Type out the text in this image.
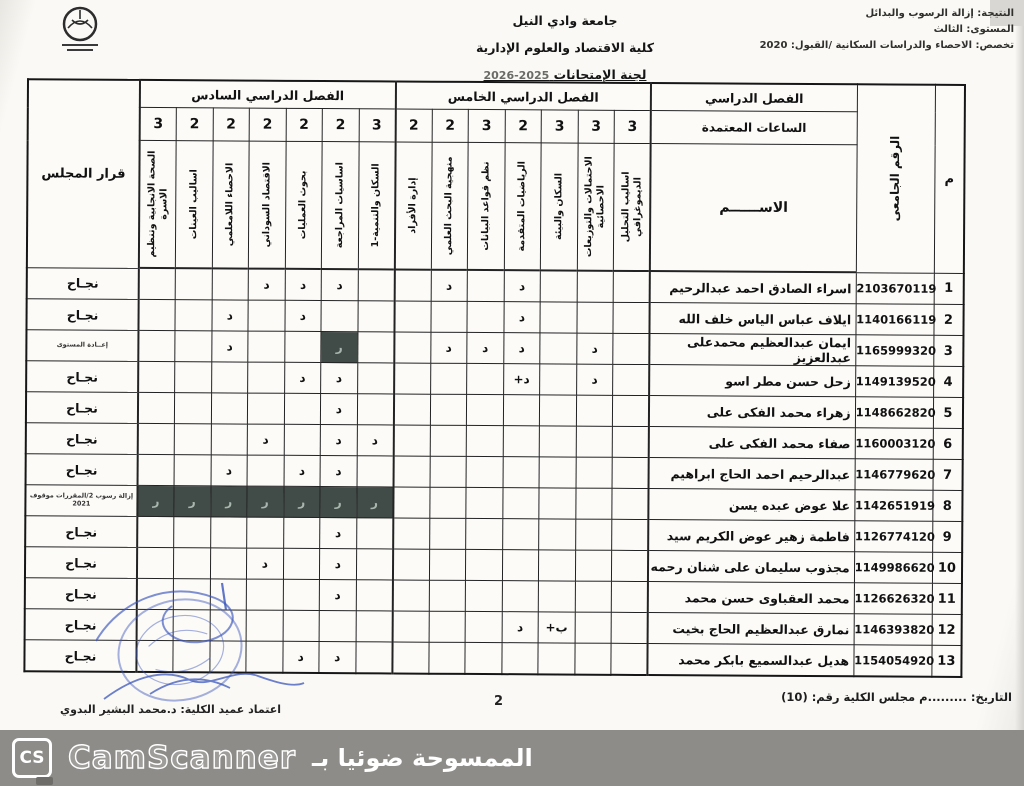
جامعة وادي النيل
كلية الاقتصاد والعلوم الإدارية
لجنة الإمتحانات 2026-2025
النتيجة: إزالة الرسوب والبدائل
المستوى: الثالث
تخصص: الاحصاء والدراسات السكانية /القبول: 2020
م	الرقم الجامعى	الفصل الدراسي	الفصل الدراسي الخامس							الفصل الدراسي السادس							قرار المجلس
		الساعات المعتمدة	3	3	3	2	3	2	2	3	2	2	2	2	2	3	
		الاســــــم	اساليب التحليل الديموغرافي	الاحتمالات والتوزيعات الاحصائية	السكان والبيئة	الرياضيات المتقدمة	نظم قواعد البيانات	منهجية البحث العلمي	إدارة الأفراد	السكان والتنمية-1	اساسيات المراجعة	بحوث العمليات	الاقتصاد السوداني	الاحصاء اللامعلمي	اساليب العينات	الصحة الانجابية وتنظيم الاسرة	

1	2103670119	اسراء الصادق احمد عبدالرحيم				د		د			د	د	د				نجـاح
2	1140166119	ايلاف عباس الياس خلف الله				د						د		د			نجـاح
3	1165999320	ايمان عبدالعظيم محمدعلى عبدالعزيز		د		د	د	د			ر			د			إعــادة المستوى
4	1149139520	زحل حسن مطر اسو		د		د+					د	د					نجـاح
5	1148662820	زهراء محمد الفكى على									د						نجـاح
6	1160003120	صفاء محمد الفكى على								د	د		د				نجـاح
7	1146779620	عبدالرحيم احمد الحاج ابراهيم									د	د		د			نجـاح
8	1142651919	علا عوض عبده يسن								ر	ر	ر	ر	ر	ر	ر	إزالة رسوب 2/المقررات موقوف 2021
9	1126774120	فاطمة زهير عوض الكريم سيد									د						نجـاح
10	1149986620	مجذوب سليمان على شنان رحمه									د		د				نجـاح
11	1126626320	محمد العقباوى حسن محمد									د						نجـاح
12	1146393820	نمارق عبدالعظيم الحاج بخيت			ب+	د											نجـاح
13	1154054920	هديل عبدالسميع بابكر محمد									د	د					نجـاح
التاريخ: .........م مجلس الكلية رقم: (10)
2
اعتماد عميد الكلية: د.محمد البشير البدوي
CS CamScanner الممسوحة ضوئيا بـ
